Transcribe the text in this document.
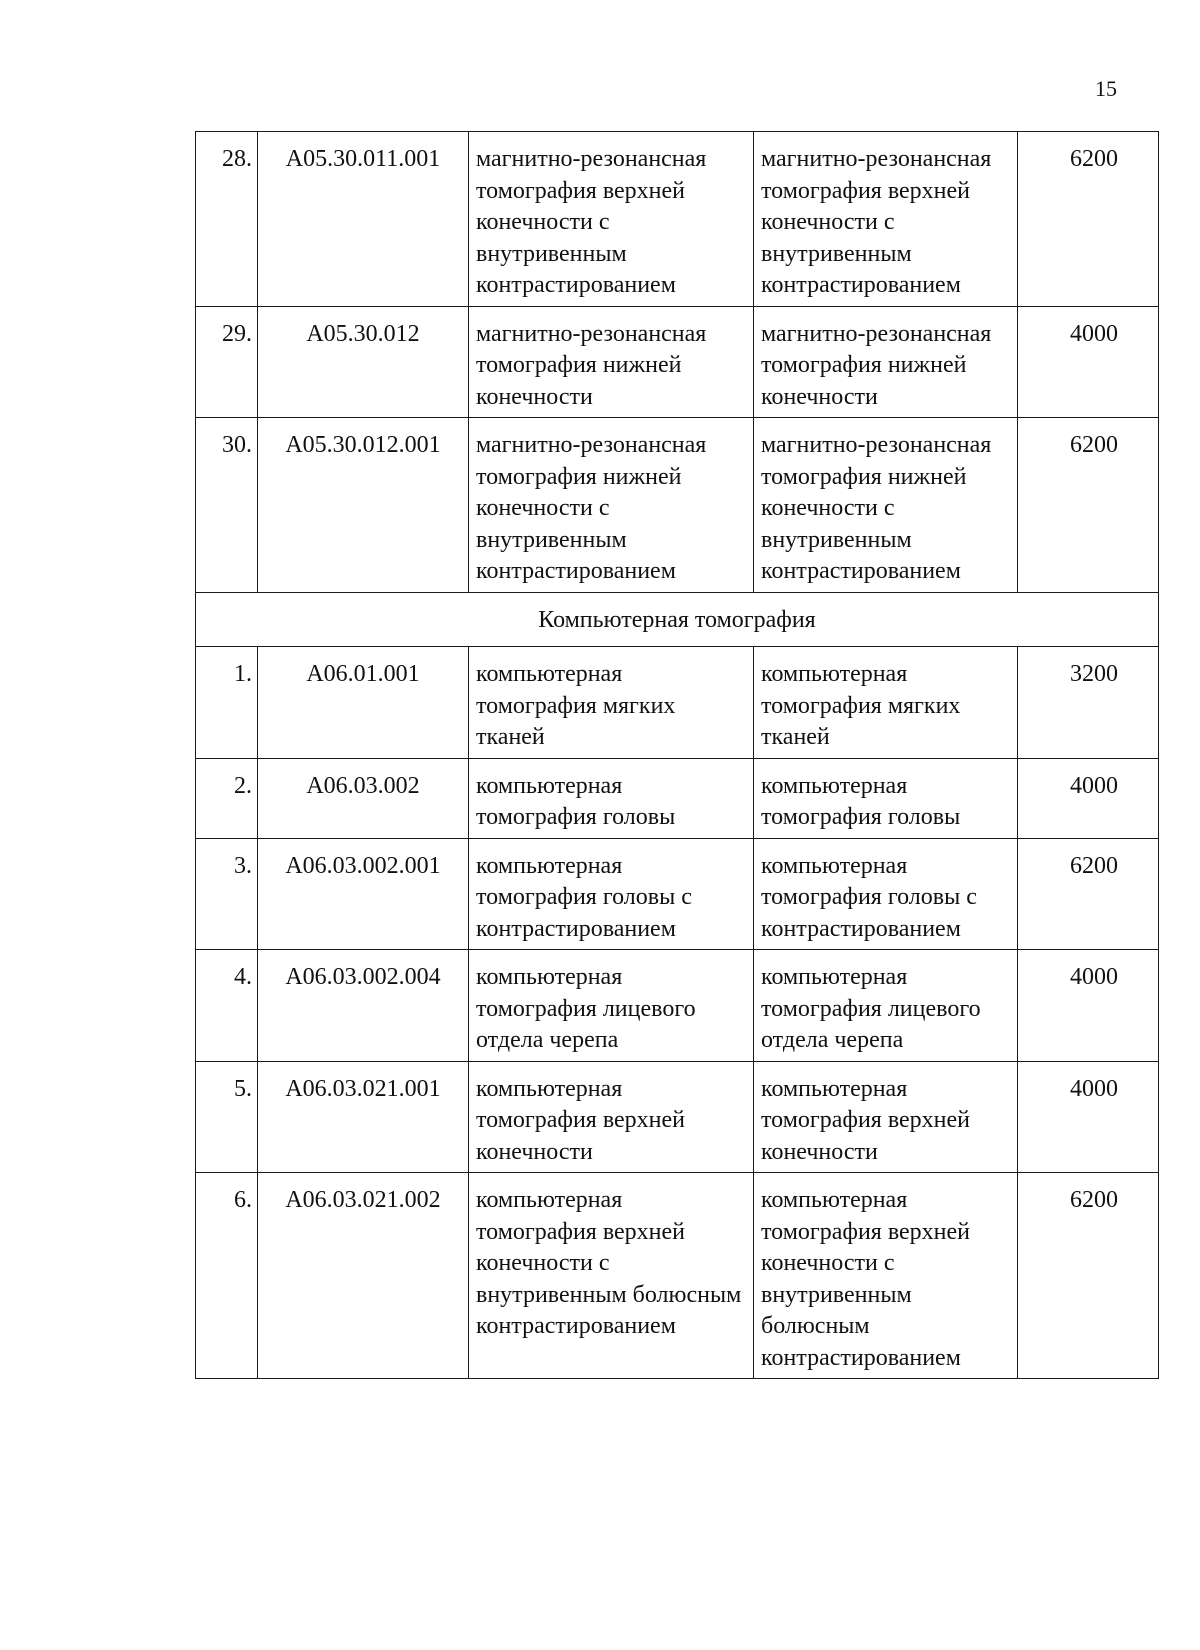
15
28.	А05.30.011.001	магнитно-резонансная томография верхней конечности с внутривенным контрастированием	магнитно-резонансная томография верхней конечности с внутривенным контрастированием	6200
29.	А05.30.012	магнитно-резонансная томография нижней конечности	магнитно-резонансная томография нижней конечности	4000
30.	А05.30.012.001	магнитно-резонансная томография нижней конечности с внутривенным контрастированием	магнитно-резонансная томография нижней конечности с внутривенным контрастированием	6200
Компьютерная томография				
1.	А06.01.001	компьютерная томография мягких тканей	компьютерная томография мягких тканей	3200
2.	А06.03.002	компьютерная томография головы	компьютерная томография головы	4000
3.	А06.03.002.001	компьютерная томография головы с контрастированием	компьютерная томография головы с контрастированием	6200
4.	А06.03.002.004	компьютерная томография лицевого отдела черепа	компьютерная томография лицевого отдела черепа	4000
5.	А06.03.021.001	компьютерная томография верхней конечности	компьютерная томография верхней конечности	4000
6.	А06.03.021.002	компьютерная томография верхней конечности с внутривенным болюсным контрастированием	компьютерная томография верхней конечности с внутривенным болюсным контрастированием	6200
